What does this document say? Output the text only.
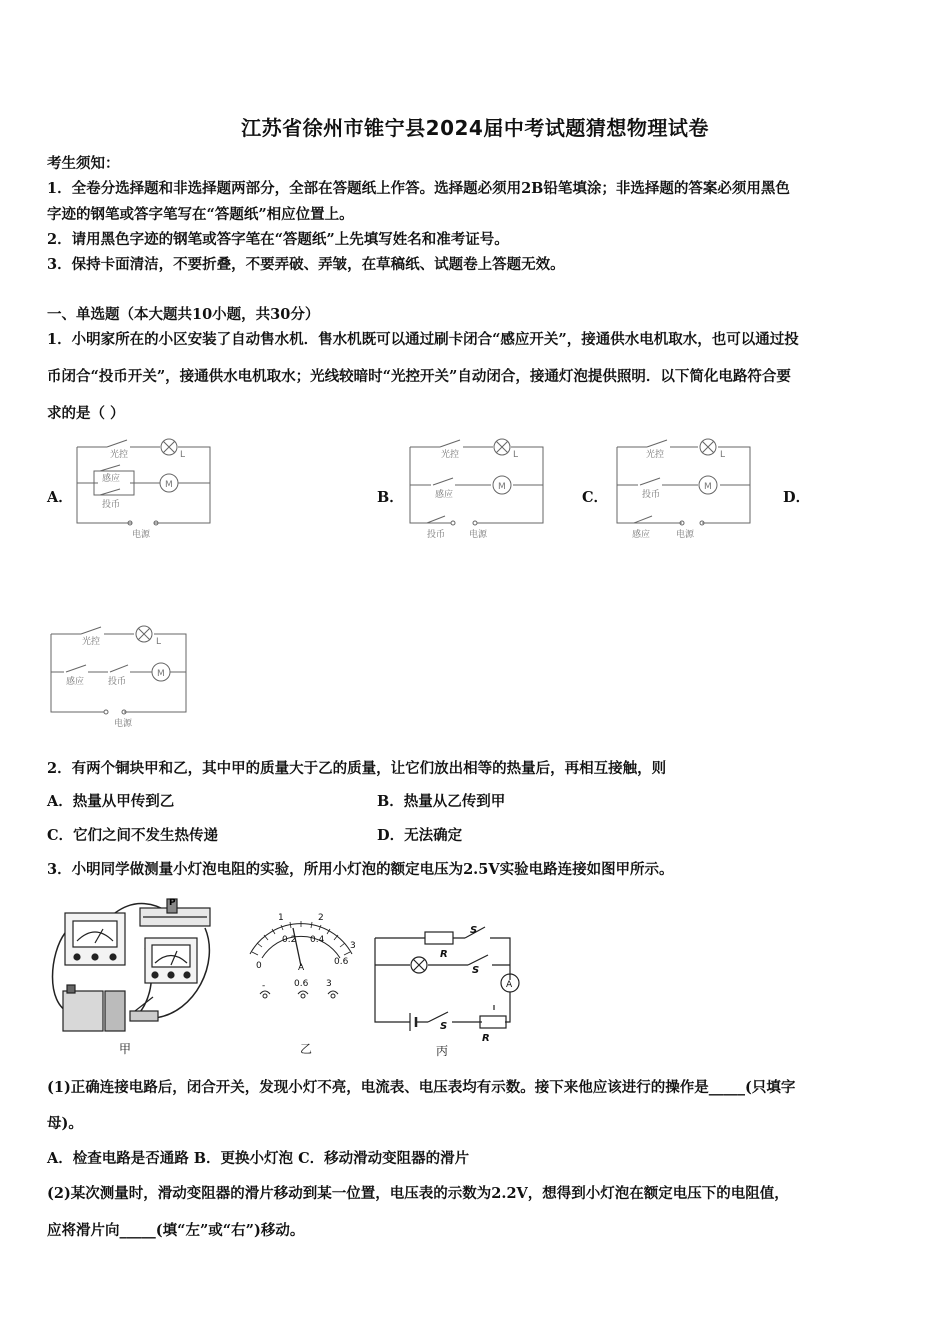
江苏省徐州市锥宁县2024届中考试题猜想物理试卷
考生须知：
1．全卷分选择题和非选择题两部分，全部在答题纸上作答。选择题必须用2B铅笔填涂；非选择题的答案必须用黑色
字迹的钢笔或答字笔写在“答题纸”相应位置上。
2．请用黑色字迹的钢笔或答字笔在“答题纸”上先填写姓名和准考证号。
3．保持卡面清洁，不要折叠，不要弄破、弄皱，在草稿纸、试题卷上答题无效。
一、单选题（本大题共10小题，共30分）
1．小明家所在的小区安装了自动售水机．售水机既可以通过刷卡闭合“感应开关”，接通供水电机取水，也可以通过投
币闭合“投币开关”，接通供水电机取水；光线较暗时“光控开关”自动闭合，接通灯泡提供照明．以下简化电路符合要
求的是（ ）
A．	B．	C．	D．
光控
感应
投币
电源
L
M
光控
感应
投币	电源
L
M
光控
投币
感应	电源
L
M
光控
感应	投币
电源
L
M
2．有两个铜块甲和乙，其中甲的质量大于乙的质量，让它们放出相等的热量后，再相互接触，则
A．热量从甲传到乙	B．热量从乙传到甲
C．它们之间不发生热传递	D．无法确定
3．小明同学做测量小灯泡电阻的实验，所用小灯泡的额定电压为2.5V实验电路连接如图甲所示。
P
甲
1	2
3
0
0.2 0.4
0.6
A
-	0.6 3
乙
S
R
S
S
R
A
丙
(1)正确连接电路后，闭合开关，发现小灯不亮，电流表、电压表均有示数。接下来他应该进行的操作是_____(只填字
母)。
A．检查电路是否通路 B．更换小灯泡 C．移动滑动变阻器的滑片
(2)某次测量时，滑动变阻器的滑片移动到某一位置，电压表的示数为2.2V，想得到小灯泡在额定电压下的电阻值，
应将滑片向_____(填“左”或“右”)移动。
